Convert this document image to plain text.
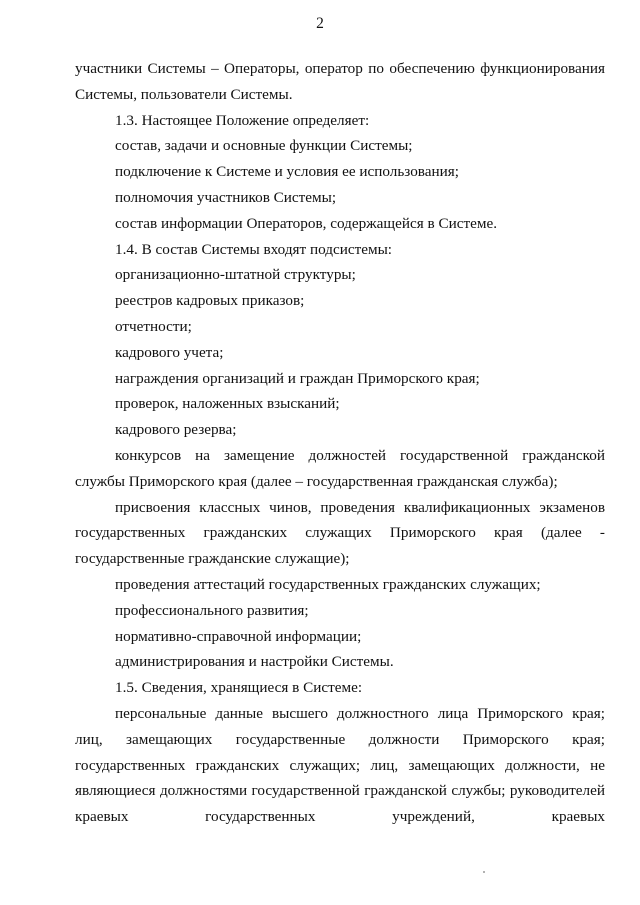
2

участники Системы – Операторы, оператор по обеспечению функционирования Системы, пользователи Системы.

1.3. Настоящее Положение определяет:

состав, задачи и основные функции Системы;

подключение к Системе и условия ее использования;

полномочия участников Системы;

состав информации Операторов, содержащейся в Системе.

1.4. В состав Системы входят подсистемы:

организационно-штатной структуры;

реестров кадровых приказов;

отчетности;

кадрового учета;

награждения организаций и граждан Приморского края;

проверок, наложенных взысканий;

кадрового резерва;

конкурсов на замещение должностей государственной гражданской службы Приморского края (далее – государственная гражданская служба);

присвоения классных чинов, проведения квалификационных экзаменов государственных гражданских служащих Приморского края (далее - государственные гражданские служащие);

проведения аттестаций государственных гражданских служащих;

профессионального развития;

нормативно-справочной информации;

администрирования и настройки Системы.

1.5. Сведения, хранящиеся в Системе:

персональные данные высшего должностного лица Приморского края; лиц, замещающих государственные должности Приморского края; государственных гражданских служащих; лиц, замещающих должности, не являющиеся должностями государственной гражданской службы; руководителей краевых государственных учреждений, краевых
